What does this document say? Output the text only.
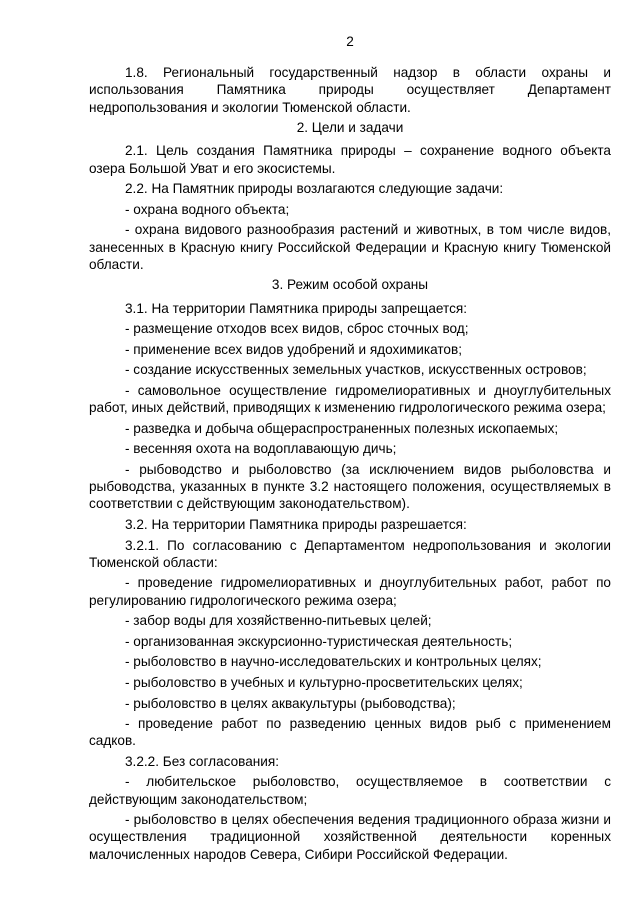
2

1.8. Региональный государственный надзор в области охраны и использования Памятника природы осуществляет Департамент недропользования и экологии Тюменской области.

2. Цели и задачи

2.1. Цель создания Памятника природы – сохранение водного объекта озера Большой Уват и его экосистемы.

2.2. На Памятник природы возлагаются следующие задачи:

- охрана водного объекта;

- охрана видового разнообразия растений и животных, в том числе видов, занесенных в Красную книгу Российской Федерации и Красную книгу Тюменской области.

3. Режим особой охраны

3.1. На территории Памятника природы запрещается:

- размещение отходов всех видов, сброс сточных вод;

- применение всех видов удобрений и ядохимикатов;

- создание искусственных земельных участков, искусственных островов;

- самовольное осуществление гидромелиоративных и дноуглубительных работ, иных действий, приводящих к изменению гидрологического режима озера;

- разведка и добыча общераспространенных полезных ископаемых;

- весенняя охота на водоплавающую дичь;

- рыбоводство и рыболовство (за исключением видов рыболовства и рыбоводства, указанных в пункте 3.2 настоящего положения, осуществляемых в соответствии с действующим законодательством).

3.2. На территории Памятника природы разрешается:

3.2.1. По согласованию с Департаментом недропользования и экологии Тюменской области:

- проведение гидромелиоративных и дноуглубительных работ, работ по регулированию гидрологического режима озера;

- забор воды для хозяйственно-питьевых целей;

- организованная экскурсионно-туристическая деятельность;

- рыболовство в научно-исследовательских и контрольных целях;

- рыболовство в учебных и культурно-просветительских целях;

- рыболовство в целях аквакультуры (рыбоводства);

- проведение работ по разведению ценных видов рыб с применением садков.

3.2.2. Без согласования:

- любительское рыболовство, осуществляемое в соответствии с действующим законодательством;

- рыболовство в целях обеспечения ведения традиционного образа жизни и осуществления традиционной хозяйственной деятельности коренных малочисленных народов Севера, Сибири Российской Федерации.
